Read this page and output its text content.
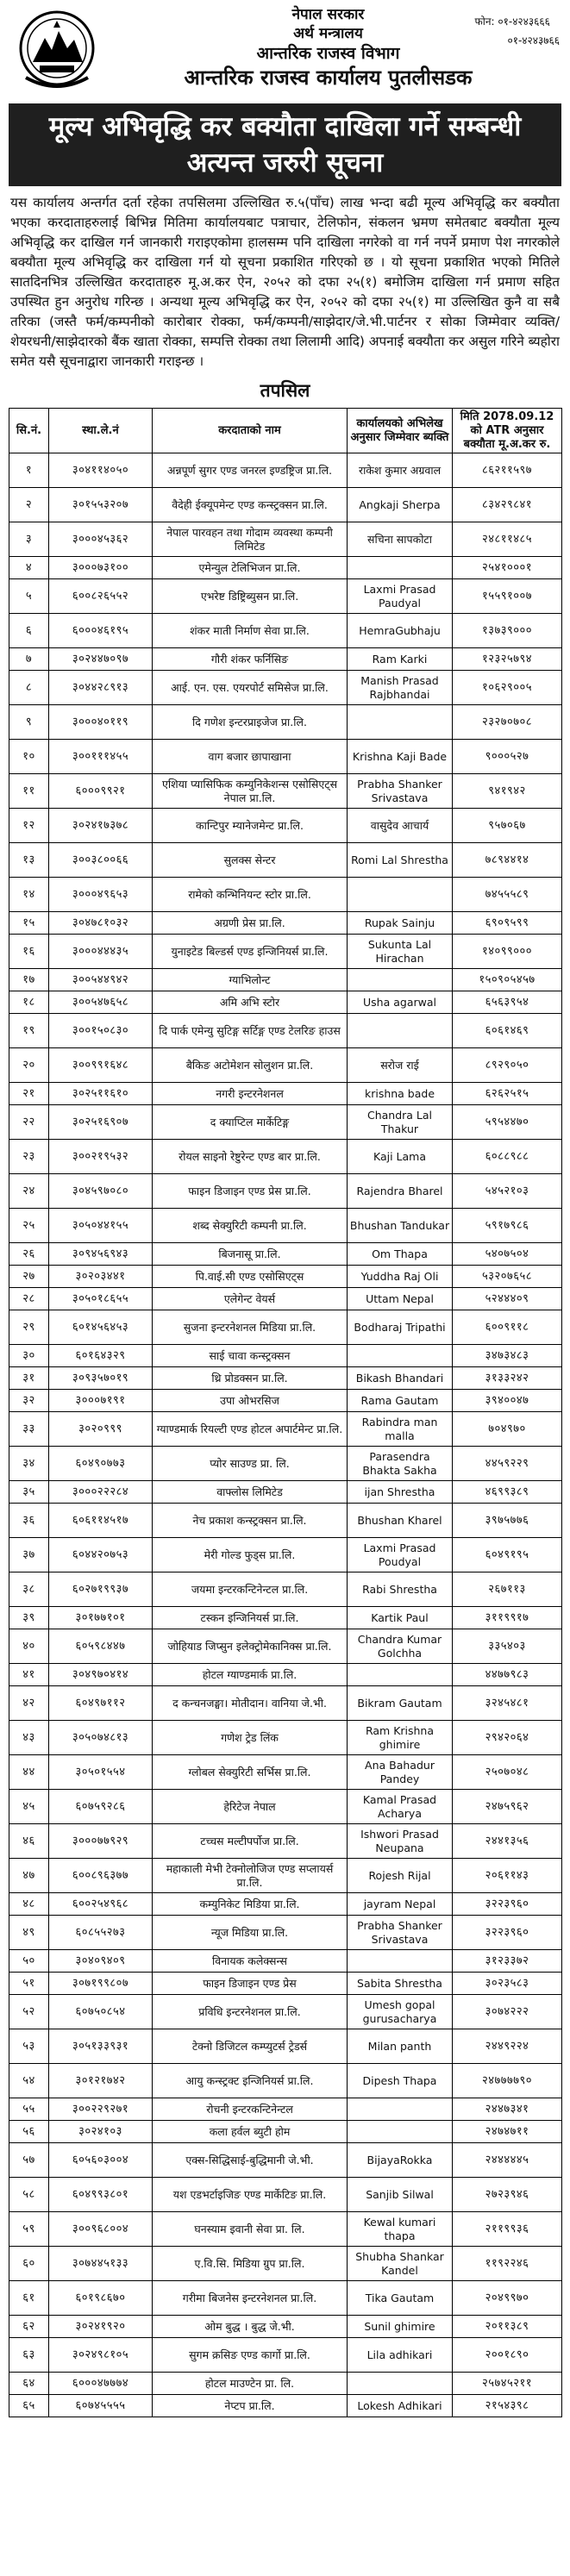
नेपाल सरकार
अर्थ मन्त्रालय
आन्तरिक राजस्व विभाग
आन्तरिक राजस्व कार्यालय पुतलीसडक
फोन: ०१-४२४३६६६
०१-४२४३७६६
मूल्य अभिवृद्धि कर बक्यौता दाखिला गर्ने सम्बन्धी
अत्यन्त जरुरी सूचना
यस कार्यालय अन्तर्गत दर्ता रहेका तपसिलमा उल्लिखित रु.५(पाँच) लाख भन्दा बढी मूल्य अभिवृद्धि कर बक्यौता भएका करदाताहरुलाई बिभिन्न मितिमा कार्यालयबाट पत्राचार, टेलिफोन, संकलन भ्रमण समेतबाट बक्यौता मूल्य अभिवृद्धि कर दाखिल गर्न जानकारी गराइएकोमा हालसम्म पनि दाखिला नगरेको वा गर्न नपर्ने प्रमाण पेश नगरकोले बक्यौता मूल्य अभिवृद्धि कर दाखिला गर्न यो सूचना प्रकाशित गरिएको छ । यो सूचना प्रकाशित भएको मितिले सातदिनभित्र उल्लिखित करदाताहरु मू.अ.कर ऐन, २०५२ को दफा २५(१) बमोजिम दाखिला गर्न प्रमाण सहित उपस्थित हुन अनुरोध गरिन्छ । अन्यथा मूल्य अभिवृद्धि कर ऐन, २०५२ को दफा २५(१) मा उल्लिखित कुनै वा सबै तरिका (जस्तै फर्म/कम्पनीको कारोबार रोक्का, फर्म/कम्पनी/साझेदार/जे.भी.पार्टनर र सोका जिम्मेवार व्यक्ति/शेयरधनी/साझेदारको बैंक खाता रोक्का, सम्पत्ति रोक्का तथा लिलामी आदि) अपनाई बक्यौता कर असुल गरिने ब्यहोरा समेत यसै सूचनाद्वारा जानकारी गराइन्छ ।
तपसिल
सि.नं.	स्था.ले.नं	करदाताको नाम	कार्यालयको अभिलेख अनुसार जिम्मेवार ब्यक्ति	मिति 2078.09.12 को ATR अनुसार बक्यौता मू.अ.कर रु.
१	३०४११४०५०	अन्नपूर्ण सुगर एण्ड जनरल इण्डष्ट्रिज प्रा.लि.	राकेश कुमार अग्रवाल	८६२११५९७
२	३०१५५३२०७	वैदेही ईक्यूपमेन्ट एण्ड कन्स्ट्रक्सन प्रा.लि.	Angkaji Sherpa	८३४२९८४१
३	३०००४५३६२	नेपाल पारवहन तथा गोदाम व्यवस्था कम्पनी लिमिटेड	सचिना सापकोटा	२४८११४८५
४	३०००७३१००	एमेन्युल टेलिभिजन प्रा.लि.		२५४१०००१
५	६००८२६५५२	एभरेष्ट डिष्ट्रिब्युसन प्रा.लि.	Laxmi Prasad Paudyal	१५५९१००७
६	६०००४६१९५	शंकर माती निर्माण सेवा प्रा.लि.	HemraGubhaju	१३७३९०००
७	३०२४४७०९७	गौरी शंकर फर्निसिङ	Ram Karki	१२३२५७९४
८	३०४४२८९१३	आई. एन. एस. एयरपोर्ट समिसेज प्रा.लि.	Manish Prasad Rajbhandai	१०६२९००५
९	३०००४०११९	दि गणेश इन्टरप्राइजेज प्रा.लि.		२३२७०७०८
१०	३००१११४५५	वाग बजार छापाखाना	Krishna Kaji Bade	९०००५२७
११	६०००९९२१	एशिया प्यासिफिक कम्युनिकेशन्स एसोसिएट्स नेपाल प्रा.लि.	Prabha Shanker Srivastava	९४१९४२
१२	३०२४१७३७८	कान्टिपुर म्यानेजमेन्ट प्रा.लि.	वासुदेव आचार्य	९५७०६७
१३	३००३८००६६	सुलक्स सेन्टर	Romi Lal Shrestha	७८९४४१४
१४	३०००४९६५३	रामेको कन्भिनियन्ट स्टोर प्रा.लि.		७४५५५८९
१५	३०४७८१०३२	अग्रणी प्रेस प्रा.लि.	Rupak Sainju	६९०९५९९
१६	३०००४४४३५	युनाइटेड बिल्डर्स एण्ड इन्जिनियर्स प्रा.लि.	Sukunta Lal Hirachan	१४०९९०००
१७	३००५४४९४२	ग्याभिलोन्ट		१५०९०५४५७
१८	३००५४७६५८	अमि अभि स्टोर	Usha agarwal	६५६३९५४
१९	३००१५०८३०	दि पार्क एमेन्यु सुटिङ्ग सर्टिङ्ग एण्ड टेलरिङ हाउस		६०६१४६९
२०	३००९९१६४८	बैकिङ अटोमेशन सोलुशन प्रा.लि.	सरोज राई	८९२९०५०
२१	३०२५११६१०	नगरी इन्टरनेशनल	krishna bade	६२६२५१५
२२	३०२५१६९०७	द क्याप्टिल मार्केटिङ्ग	Chandra Lal Thakur	५९५४४७०
२३	३००२१९५३२	रोयल साइनो रेष्टुरेन्ट एण्ड बार प्रा.लि.	Kaji Lama	६०८८९८८
२४	३०४५९७०८०	फाइन डिजाइन एण्ड प्रेस प्रा.लि.	Rajendra Bharel	५४५२१०३
२५	३०५०४४१५५	शब्द सेक्युरिटी कम्पनी प्रा.लि.	Bhushan Tandukar	५९१७९८६
२६	३०९४५६९४३	बिजनासू प्रा.लि.	Om Thapa	५४०७५०४
२७	३०२०३४४१	पि.वाई.सी एण्ड एसोसिएट्स	Yuddha Raj Oli	५३२०७६५८
२८	३०५०१८६५५	एलेगेन्ट वेयर्स	Uttam Nepal	५२४४४०९
२९	६०१४५६४५३	सुजना इन्टरनेशनल मिडिया प्रा.लि.	Bodharaj Tripathi	६००९११८
३०	६०१६४३२९	साई चावा कन्स्ट्रक्सन		३४७३४८३
३१	३०९३५७०१९	थ्रि प्रोडक्सन प्रा.लि.	Bikash Bhandari	३१३३२४२
३२	३०००७१९१	उपा ओभरसिज	Rama Gautam	३९४००४७
३३	३०२०९९९	ग्याण्डमार्क रियल्टी एण्ड होटल अपार्टमेन्ट प्रा.लि.	Rabindra man malla	७०४९७०
३४	६०४९०७७३	प्योर साउण्ड प्रा. लि.	Parasendra Bhakta Sakha	४४५९२२९
३५	३०००२२२८४	वाफ्लोस लिमिटेड	ijan Shrestha	४६९९३८९
३६	६०६११४५१७	नेच प्रकाश कन्स्ट्रक्सन प्रा.लि.	Bhushan Kharel	३९७५७७६
३७	६०४४२०७५३	मेरी गोल्ड फुड्स प्रा.लि.	Laxmi Prasad Poudyal	६०४९१९५
३८	६०२७१९९३७	जयमा इन्टरकन्टिनेन्टल प्रा.लि.	Rabi Shrestha	२६७११३
३९	३०१७७१०१	टस्कन इन्जिनियर्स प्रा.लि.	Kartik Paul	३११९९१७
४०	६०५९८४४७	जोहियाड जिप्सुन इलेक्ट्रोमेकानिक्स प्रा.लि.	Chandra Kumar Golchha	३३५४०३
४१	३०४९७०४१४	होटल ग्याण्डमार्क प्रा.लि.		४४७७९८३
४२	६०४९७११२	द कन्चनजङ्घा। मोतीदान। वानिया जे.भी.	Bikram Gautam	३२४५४८१
४३	३०५०७४८१३	गणेश ट्रेड लिंक	Ram Krishna ghimire	२९४२०६४
४४	३०५०१५५४	ग्लोबल सेक्युरिटी सर्भिस प्रा.लि.	Ana Bahadur Pandey	२५०७०४८
४५	६०७५९२८६	हेरिटेज नेपाल	Kamal Prasad Acharya	२४७५९६२
४६	३०००७७९२९	टच्चस मल्टीपर्पोज प्रा.लि.	Ishwori Prasad Neupana	२४४१३५६
४७	६००८९६३७७	महाकाली मेभी टेक्नोलोजिज एण्ड सप्लायर्स प्रा.लि.	Rojesh Rijal	२०६११४३
४८	६००२५४९६८	कम्युनिकेट मिडिया प्रा.लि.	jayram Nepal	३२२३९६०
४९	६०८५५२७३	न्यूज मिडिया प्रा.लि.	Prabha Shanker Srivastava	३२२३९६०
५०	३०४०९४०९	विनायक कलेक्सन्स		३१२३३७२
५१	३०७१९९८०७	फाइन डिजाइन एण्ड प्रेस	Sabita Shrestha	३०२३५८३
५२	६०७५०८५४	प्रविधि इन्टरनेशनल प्रा.लि.	Umesh gopal gurusacharya	३०७४२२२
५३	३०५१३३९३१	टेक्नो डिजिटल कम्प्युटर्स ट्रेडर्स	Milan panth	२४४९२२४
५४	३०१२१७४२	आयु कन्स्ट्रक्ट इन्जिनियर्स प्रा.लि.	Dipesh Thapa	२४७७७७९०
५५	३००२२९२७१	रोचनी इन्टरकन्टिनेन्टल		२४४७३४१
५६	३०२४१०३	कला हर्वल ब्युटी होम		२४७४७११
५७	६०५६०३००४	एक्स-सिद्धिसाई-बुद्धिमानी जे.भी.	BijayaRokka	२४४४४४५
५८	६०४९९३८०१	यश एडभर्टाइजिङ एण्ड मार्केटिङ प्रा.लि.	Sanjib Silwal	२७२३९४६
५९	३००९६८००४	घनस्याम इवानी सेवा प्रा. लि.	Kewal kumari thapa	२११९९३६
६०	३०७४४५१३३	ए.वि.सि. मिडिया ग्रुप प्रा.लि.	Shubha Shankar Kandel	११९२२४६
६१	६०१९८६७०	गरीमा बिजनेस इन्टरनेशनल प्रा.लि.	Tika Gautam	२०४९९७०
६२	३०२४१९२०	ओम बुद्ध । बुद्ध जे.भी.	Sunil ghimire	२०११३८९
६३	३०२४९८१०५	सुगम क्रसिङ एण्ड कार्गो प्रा.लि.	Lila adhikari	२००१८९०
६४	६०००४७७७४	होटल माउण्टेन प्रा. लि.		२५७४५२११
६५	६०७४५५५५	नेप्टप प्रा.लि.	Lokesh Adhikari	२१५४३९८
